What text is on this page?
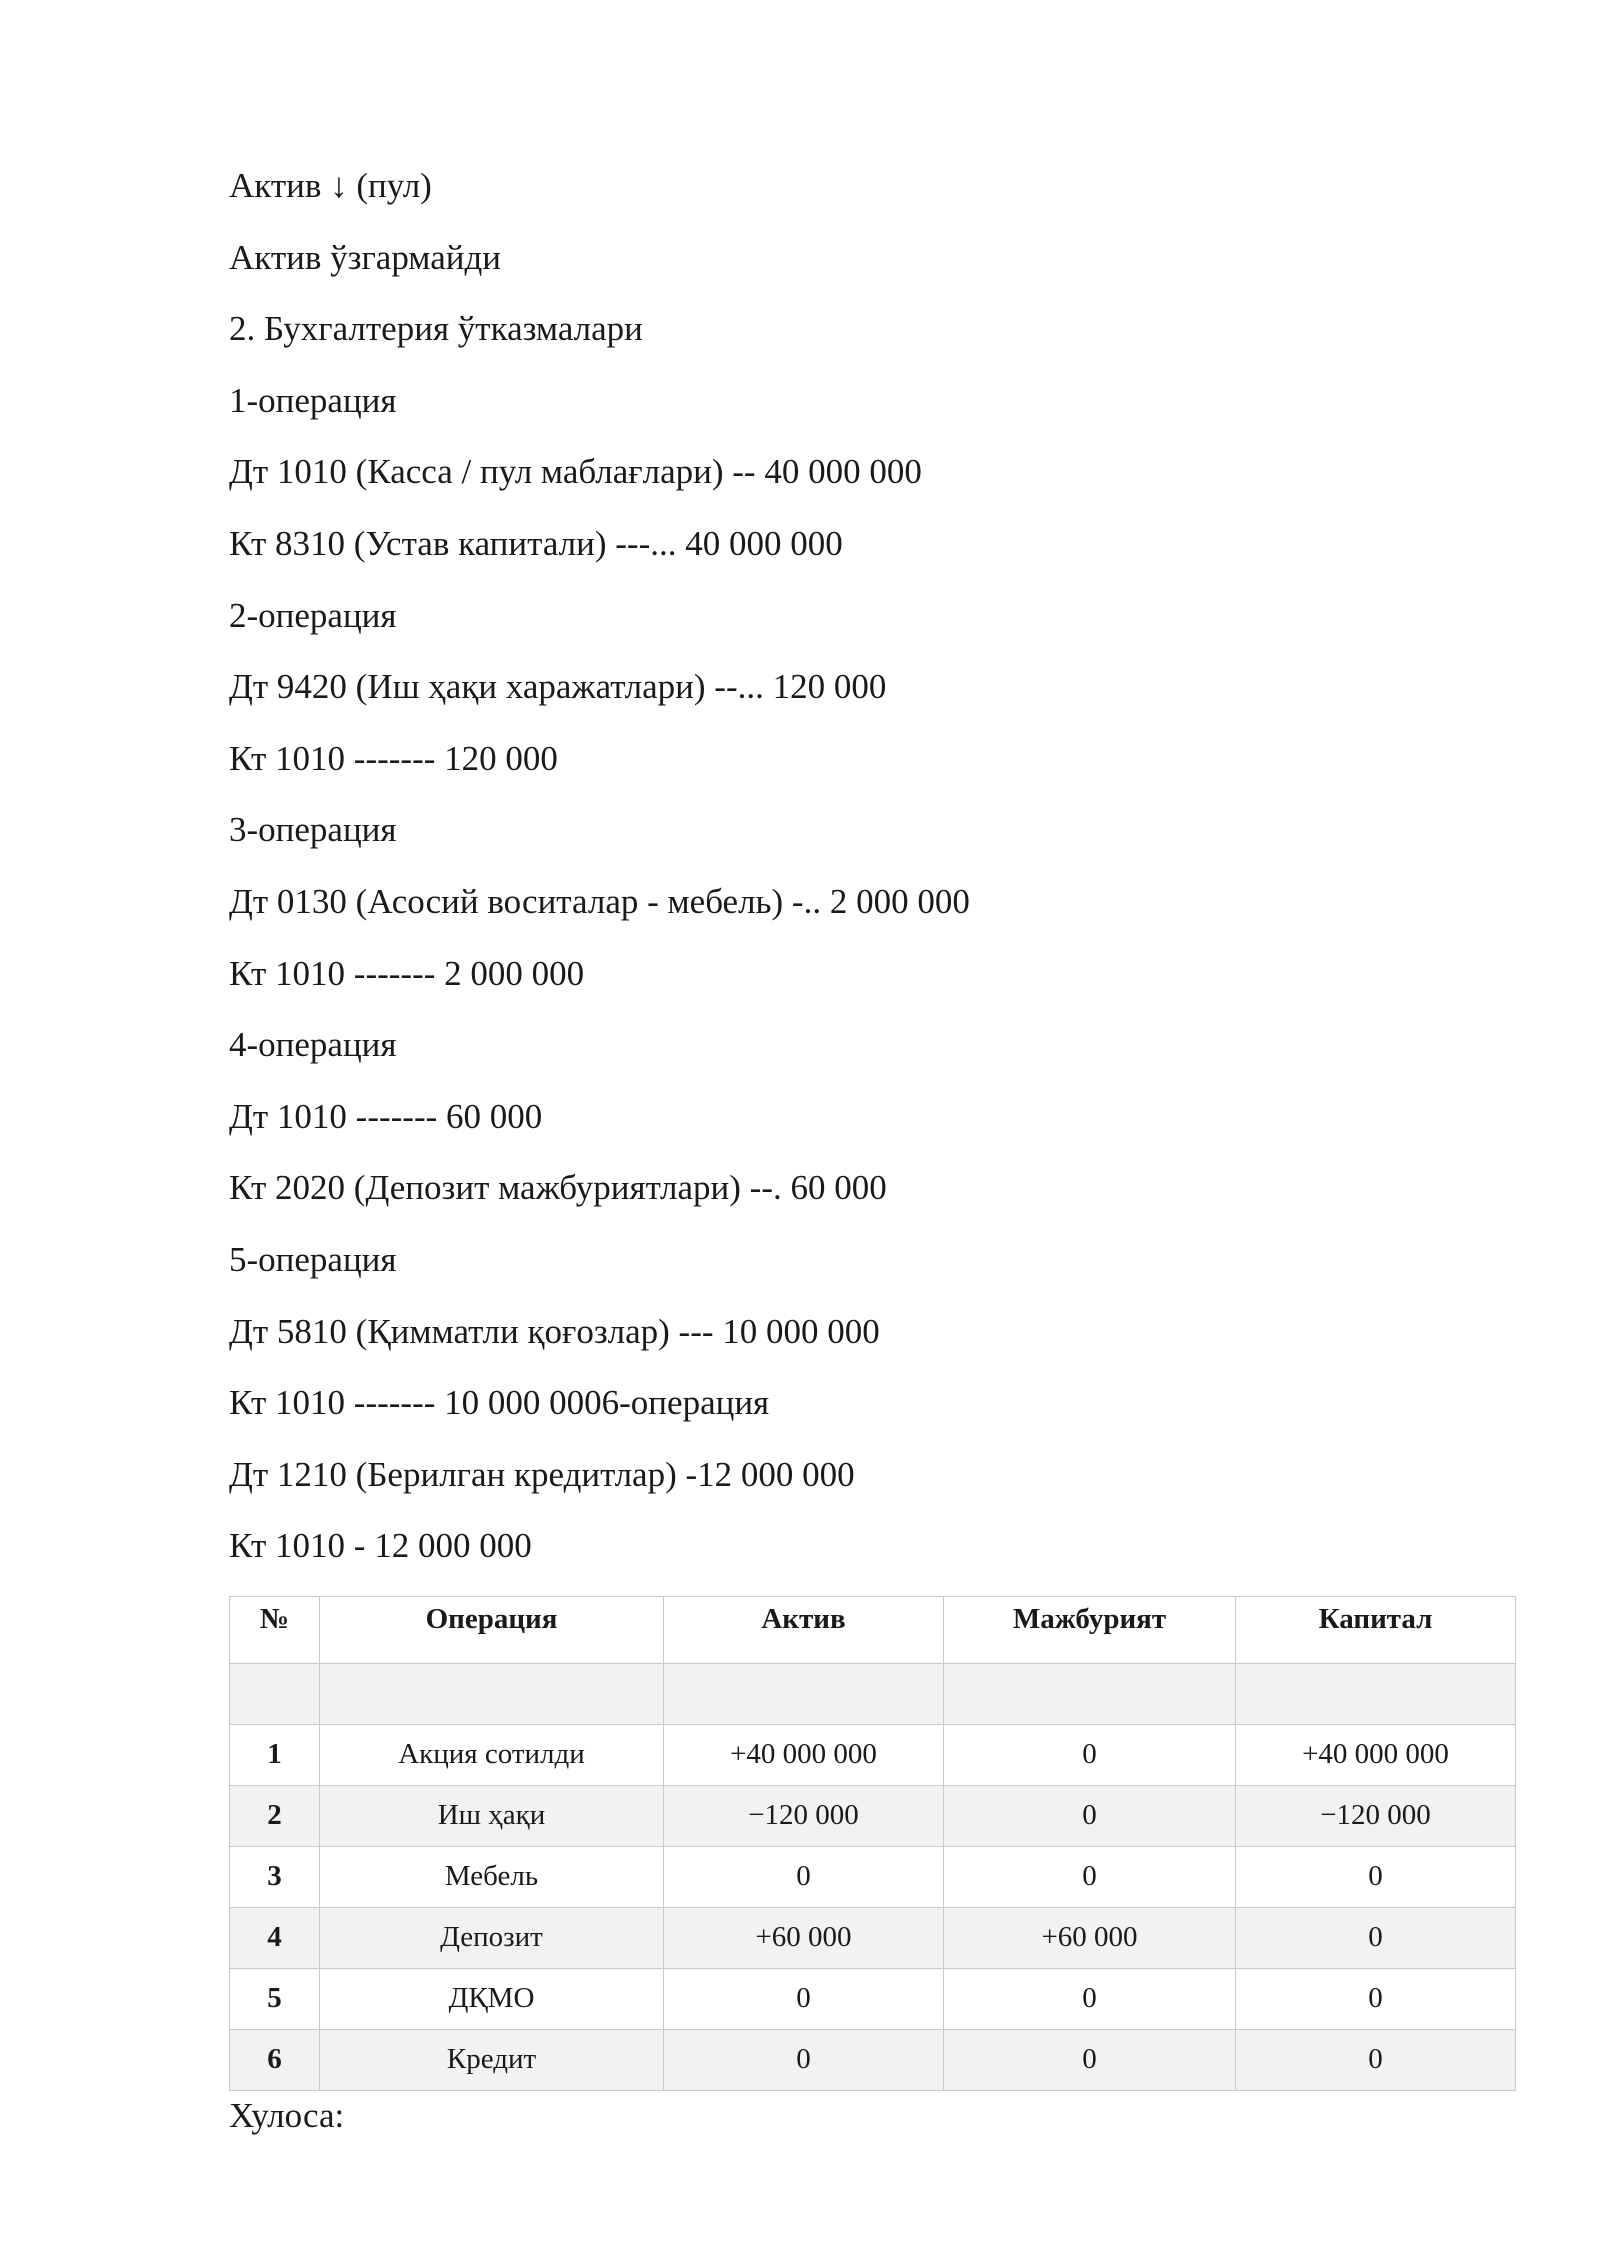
Актив ↓ (пул)
Актив ўзгармайди
2. Бухгалтерия ўтказмалари
1-операция
Дт 1010 (Касса / пул маблағлари) -- 40 000 000
Кт 8310 (Устав капитали) ---... 40 000 000
2-операция
Дт 9420 (Иш ҳақи харажатлари) --... 120 000
Кт 1010 ------- 120 000
3-операция
Дт 0130 (Асосий воситалар - мебель) -.. 2 000 000
Кт 1010 ------- 2 000 000
4-операция
Дт 1010 ------- 60 000
Кт 2020 (Депозит мажбуриятлари) --. 60 000
5-операция
Дт 5810 (Қимматли қоғозлар) --- 10 000 000
Кт 1010 ------- 10 000 0006-операция
Дт 1210 (Берилган кредитлар) -12 000 000
Кт 1010 - 12 000 000
№	Операция	Актив	Мажбурият	Капитал

1	Акция сотилди	+40 000 000	0	+40 000 000
2	Иш ҳақи	−120 000	0	−120 000
3	Мебель	0	0	0
4	Депозит	+60 000	+60 000	0
5	ДҚМО	0	0	0
6	Кредит	0	0	0
Хулоса:
